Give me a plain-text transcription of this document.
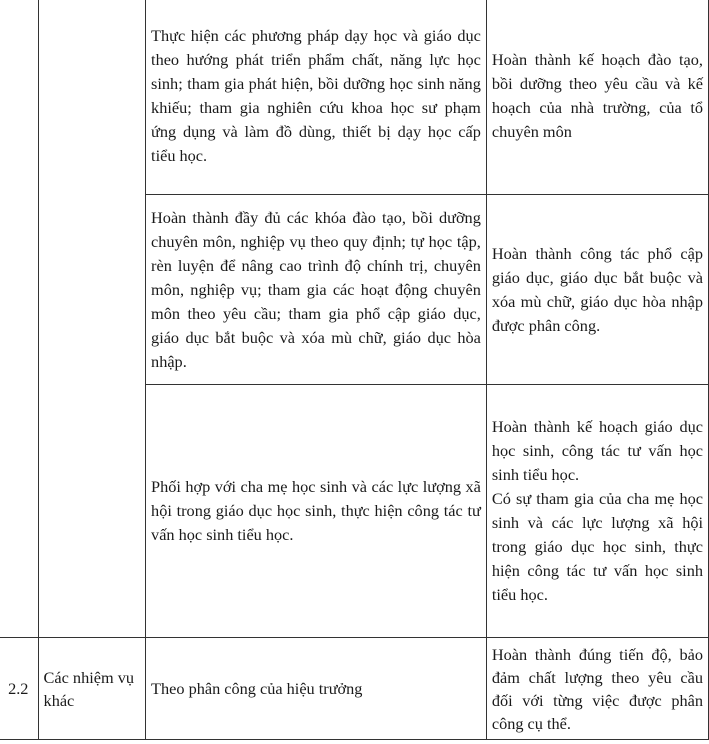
		Thực hiện các phương pháp dạy học và giáo dục theo hướng phát triển phẩm chất, năng lực học sinh; tham gia phát hiện, bồi dưỡng học sinh năng khiếu; tham gia nghiên cứu khoa học sư phạm ứng dụng và làm đồ dùng, thiết bị dạy học cấp tiểu học.	Hoàn thành kế hoạch đào tạo, bồi dưỡng theo yêu cầu và kế hoạch của nhà trường, của tổ chuyên môn
		Hoàn thành đầy đủ các khóa đào tạo, bồi dưỡng chuyên môn, nghiệp vụ theo quy định; tự học tập, rèn luyện để nâng cao trình độ chính trị, chuyên môn, nghiệp vụ; tham gia các hoạt động chuyên môn theo yêu cầu; tham gia phổ cập giáo dục, giáo dục bắt buộc và xóa mù chữ, giáo dục hòa nhập.	Hoàn thành công tác phổ cập giáo dục, giáo dục bắt buộc và xóa mù chữ, giáo dục hòa nhập được phân công.
		Phối hợp với cha mẹ học sinh và các lực lượng xã hội trong giáo dục học sinh, thực hiện công tác tư vấn học sinh tiểu học.	Hoàn thành kế hoạch giáo dục học sinh, công tác tư vấn học sinh tiểu học.
Có sự tham gia của cha mẹ học sinh và các lực lượng xã hội trong giáo dục học sinh, thực hiện công tác tư vấn học sinh tiểu học.

2.2	Các nhiệm vụ khác	Theo phân công của hiệu trưởng	Hoàn thành đúng tiến độ, bảo đảm chất lượng theo yêu cầu đối với từng việc được phân công cụ thể.
